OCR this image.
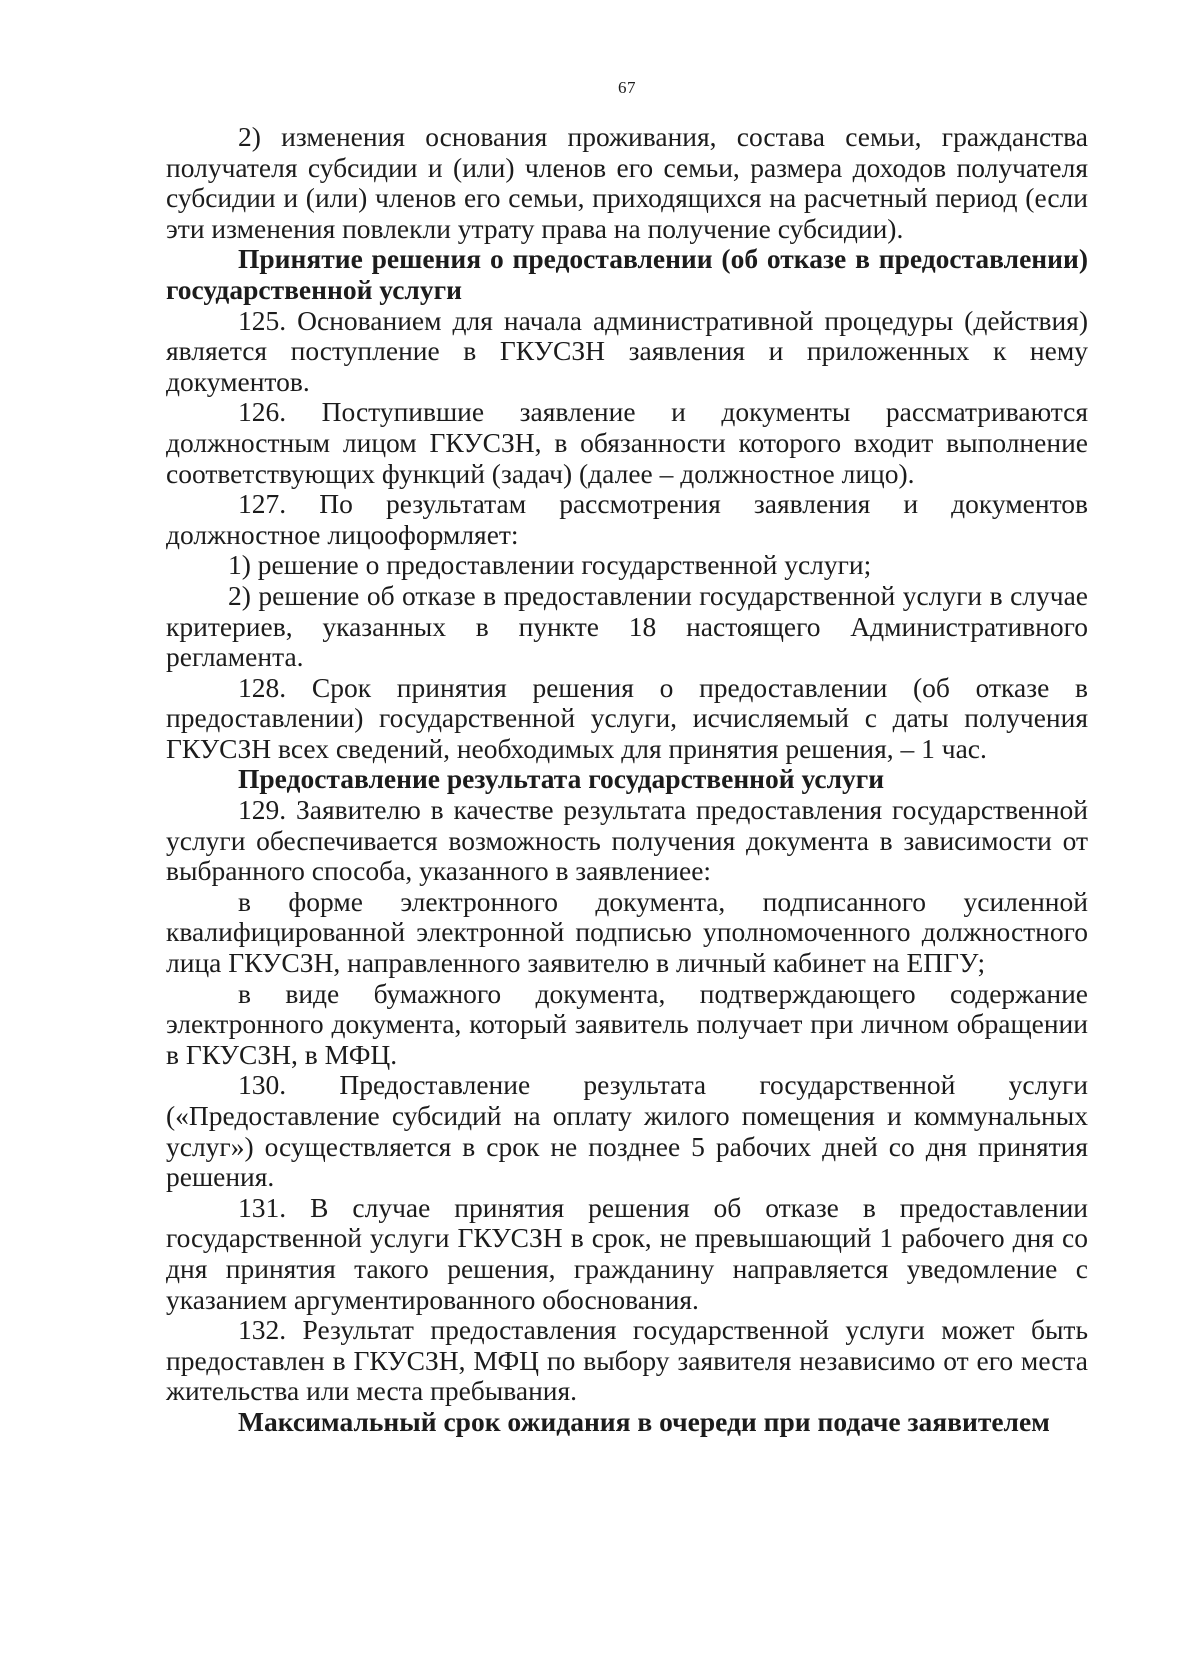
67

2) изменения основания проживания, состава семьи, гражданства получателя субсидии и (или) членов его семьи, размера доходов получателя субсидии и (или) членов его семьи, приходящихся на расчетный период (если эти изменения повлекли утрату права на получение субсидии).

Принятие решения о предоставлении (об отказе в предоставлении) государственной услуги

125. Основанием для начала административной процедуры (действия) является поступление в ГКУСЗН заявления и приложенных к нему документов.

126. Поступившие заявление и документы рассматриваются должностным лицом ГКУСЗН, в обязанности которого входит выполнение соответствующих функций (задач) (далее – должностное лицо).

127. По результатам рассмотрения заявления и документов должностное лицооформляет:

1) решение о предоставлении государственной услуги;

2) решение об отказе в предоставлении государственной услуги в случае критериев, указанных в пункте 18 настоящего Административного регламента.

128. Срок принятия решения о предоставлении (об отказе в предоставлении) государственной услуги, исчисляемый с даты получения ГКУСЗН всех сведений, необходимых для принятия решения, – 1 час.

Предоставление результата государственной услуги

129. Заявителю в качестве результата предоставления государственной услуги обеспечивается возможность получения документа в зависимости от выбранного способа, указанного в заявлениее:

в форме электронного документа, подписанного усиленной квалифицированной электронной подписью уполномоченного должностного лица ГКУСЗН, направленного заявителю в личный кабинет на ЕПГУ;

в виде бумажного документа, подтверждающего содержание электронного документа, который заявитель получает при личном обращении в ГКУСЗН, в МФЦ.

130. Предоставление результата государственной услуги («Предоставление субсидий на оплату жилого помещения и коммунальных услуг») осуществляется в срок не позднее 5 рабочих дней со дня принятия решения.

131. В случае принятия решения об отказе в предоставлении государственной услуги ГКУСЗН в срок, не превышающий 1 рабочего дня со дня принятия такого решения, гражданину направляется уведомление с указанием аргументированного обоснования.

132. Результат предоставления государственной услуги может быть предоставлен в ГКУСЗН, МФЦ по выбору заявителя независимо от его места жительства или места пребывания.

Максимальный срок ожидания в очереди при подаче заявителем
